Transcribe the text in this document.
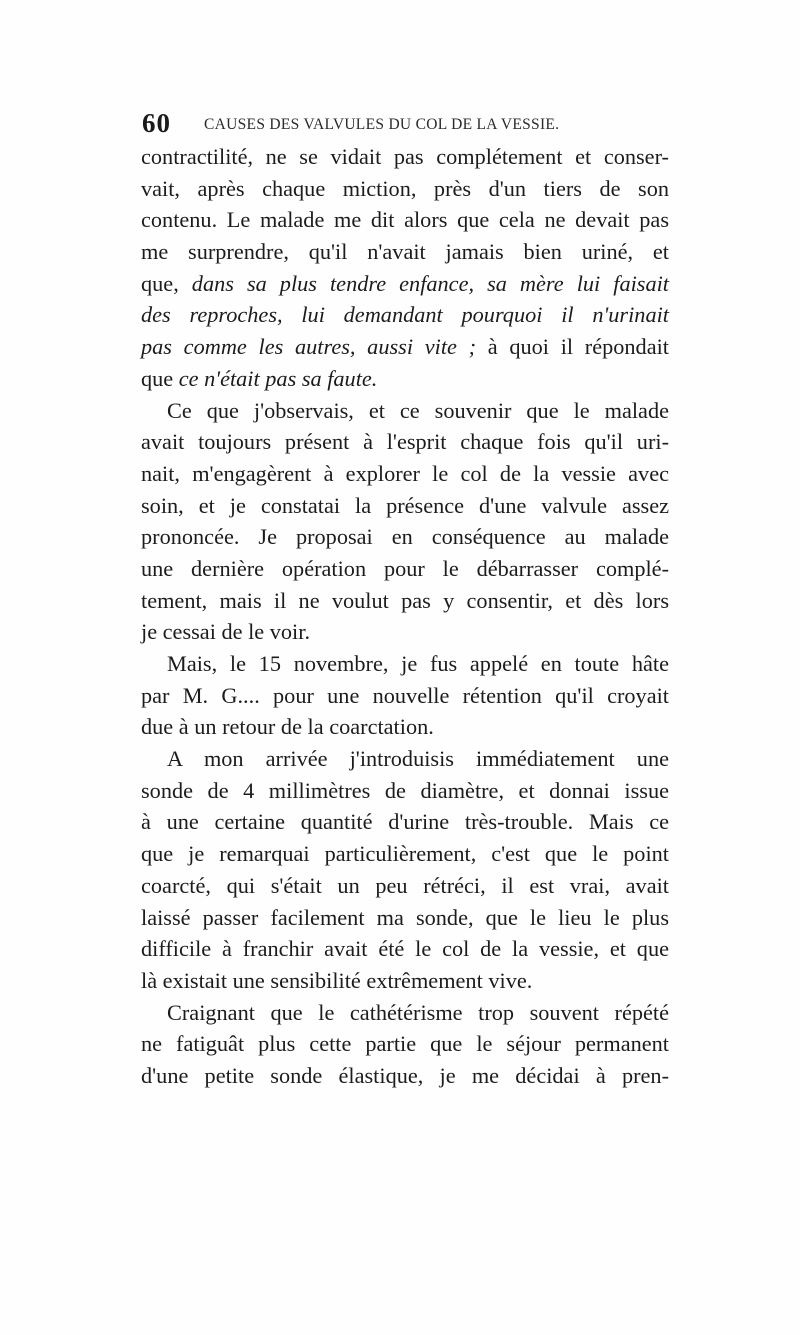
60 CAUSES DES VALVULES DU COL DE LA VESSIE.
contractilité, ne se vidait pas complétement et conser-
vait, après chaque miction, près d'un tiers de son
contenu. Le malade me dit alors que cela ne devait pas
me surprendre, qu'il n'avait jamais bien uriné, et
que, dans sa plus tendre enfance, sa mère lui faisait
des reproches, lui demandant pourquoi il n'urinait
pas comme les autres, aussi vite ; à quoi il répondait
que ce n'était pas sa faute.
Ce que j'observais, et ce souvenir que le malade
avait toujours présent à l'esprit chaque fois qu'il uri-
nait, m'engagèrent à explorer le col de la vessie avec
soin, et je constatai la présence d'une valvule assez
prononcée. Je proposai en conséquence au malade
une dernière opération pour le débarrasser complé-
tement, mais il ne voulut pas y consentir, et dès lors
je cessai de le voir.
Mais, le 15 novembre, je fus appelé en toute hâte
par M. G.... pour une nouvelle rétention qu'il croyait
due à un retour de la coarctation.
A mon arrivée j'introduisis immédiatement une
sonde de 4 millimètres de diamètre, et donnai issue
à une certaine quantité d'urine très-trouble. Mais ce
que je remarquai particulièrement, c'est que le point
coarcté, qui s'était un peu rétréci, il est vrai, avait
laissé passer facilement ma sonde, que le lieu le plus
difficile à franchir avait été le col de la vessie, et que
là existait une sensibilité extrêmement vive.
Craignant que le cathétérisme trop souvent répété
ne fatiguât plus cette partie que le séjour permanent
d'une petite sonde élastique, je me décidai à pren-
